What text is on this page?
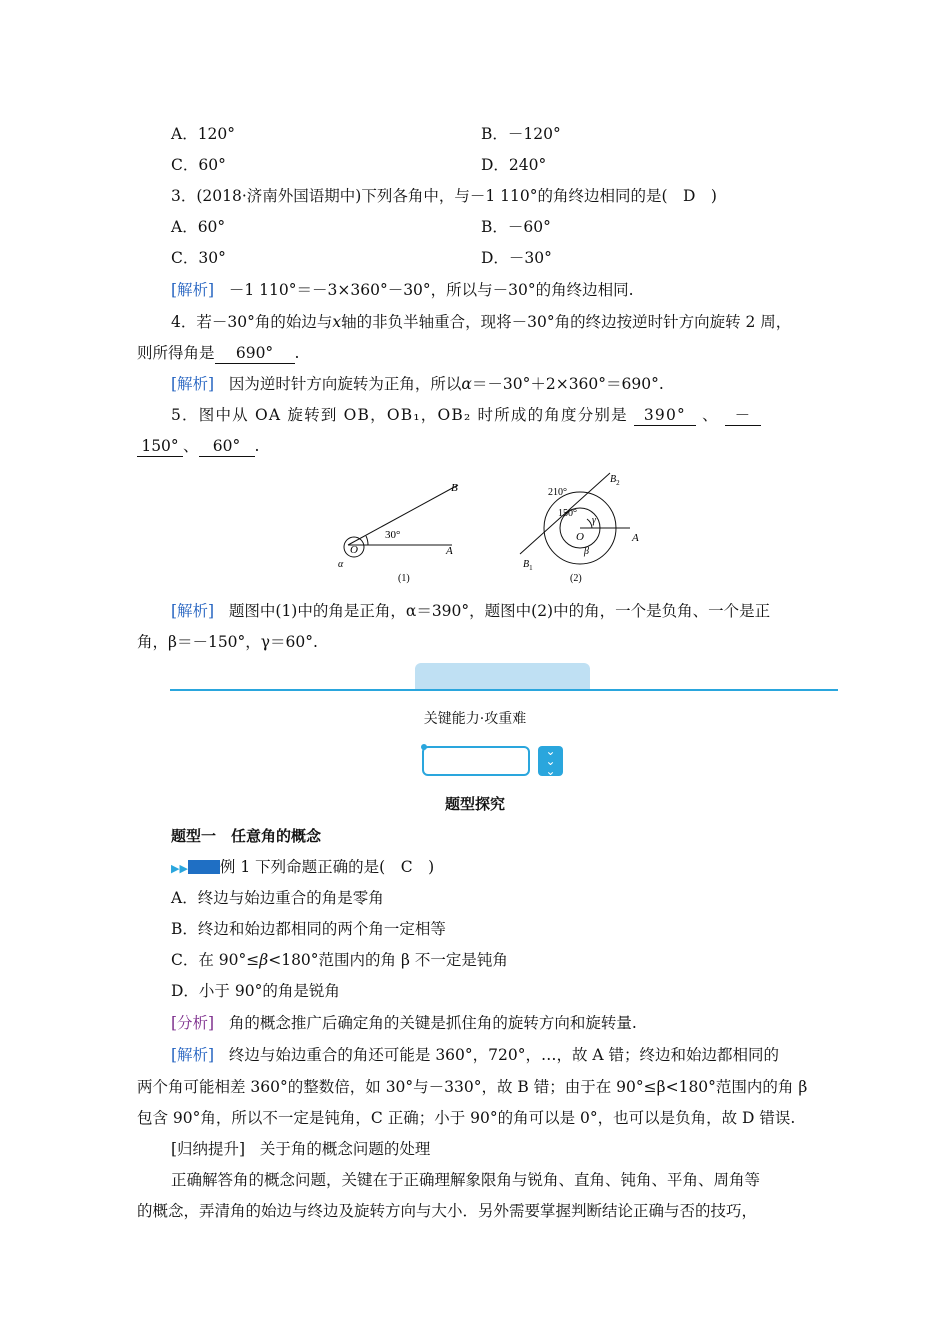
A．120°	B．－120°
C．60°	D．240°
3．(2018·济南外国语期中)下列各角中，与－1 110°的角终边相同的是(　D　)
A．60°	B．－60°
C．30°	D．－30°
[解析] －1 110°＝－3×360°－30°，所以与－30°的角终边相同.
4．若－30°角的始边与x轴的非负半轴重合，现将－30°角的终边按逆时针方向旋转 2 周，
则所得角是 690° .
[解析] 因为逆时针方向旋转为正角，所以α＝－30°＋2×360°＝690°.
5．图中从 OA 旋转到 OB，OB₁，OB₂ 时所成的角度分别是 390° 、 －
150° 、 60° .
B
O	A
30°
α
(1)
$B_2$
210°
150°
γ
O	A
β
$B_1$
(2)
[解析] 题图中(1)中的角是正角，α＝390°，题图中(2)中的角，一个是负角、一个是正
角，β＝－150°，γ＝60°.
关键能力·攻重难
⌄
⌄
⌄
题型探究
题型一　任意角的概念
▶▶ 例 1 下列命题正确的是(　C　)
A．终边与始边重合的角是零角
B．终边和始边都相同的两个角一定相等
C．在 90°≤β<180°范围内的角 β 不一定是钝角
D．小于 90°的角是锐角
[分析] 角的概念推广后确定角的关键是抓住角的旋转方向和旋转量.
[解析] 终边与始边重合的角还可能是 360°，720°，…，故 A 错；终边和始边都相同的
两个角可能相差 360°的整数倍，如 30°与－330°，故 B 错；由于在 90°≤β<180°范围内的角 β
包含 90°角，所以不一定是钝角，C 正确；小于 90°的角可以是 0°，也可以是负角，故 D 错误.
[归纳提升] 关于角的概念问题的处理
正确解答角的概念问题，关键在于正确理解象限角与锐角、直角、钝角、平角、周角等
的概念，弄清角的始边与终边及旋转方向与大小．另外需要掌握判断结论正确与否的技巧，
